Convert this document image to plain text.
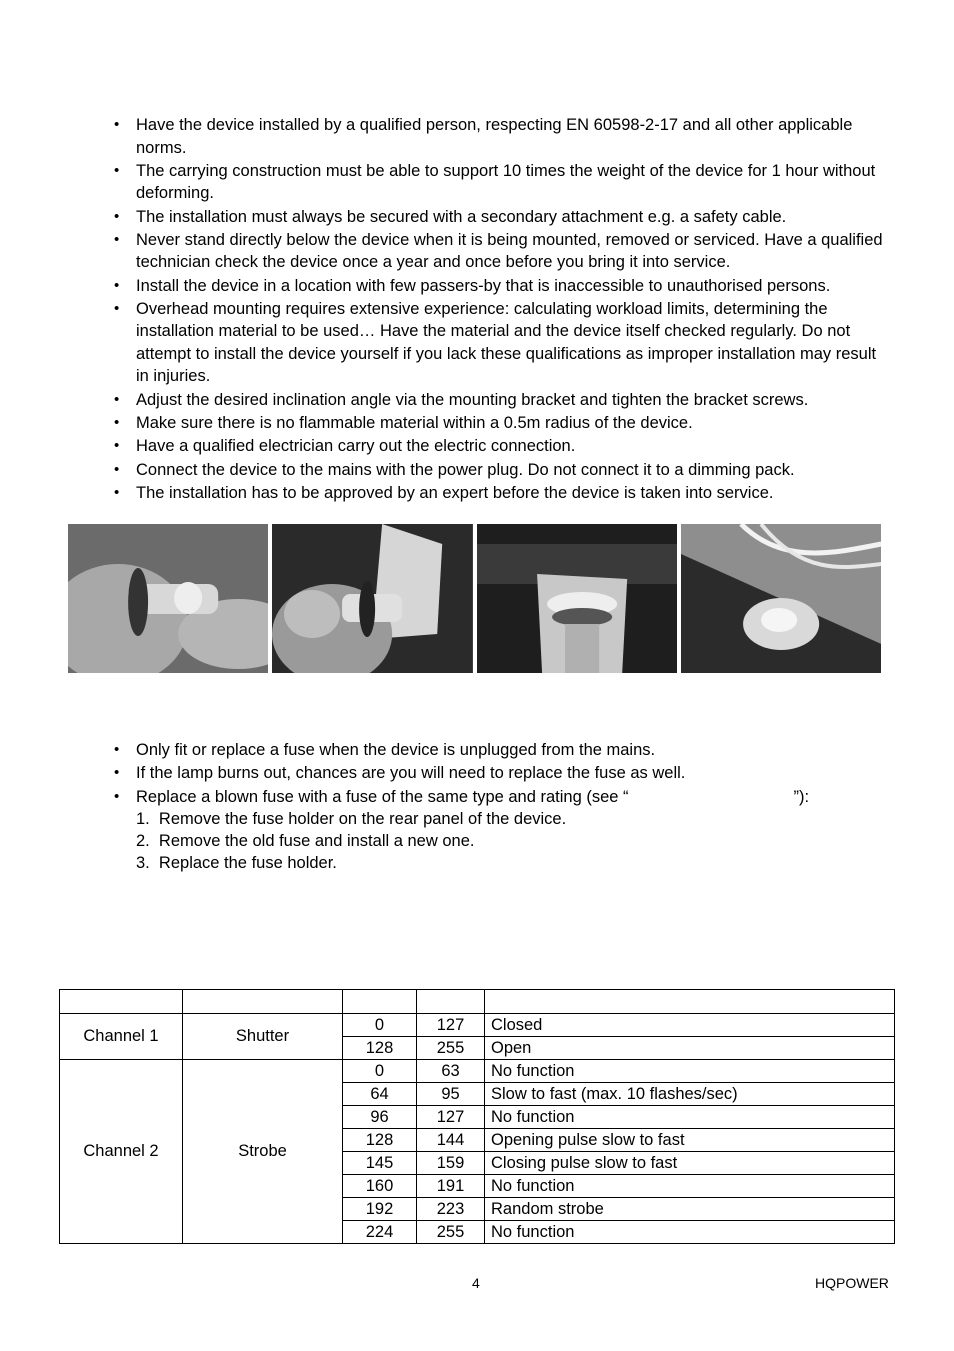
• Have the device installed by a qualified person, respecting EN 60598-2-17 and all other applicable norms.
• The carrying construction must be able to support 10 times the weight of the device for 1 hour without deforming.
• The installation must always be secured with a secondary attachment e.g. a safety cable.
• Never stand directly below the device when it is being mounted, removed or serviced. Have a qualified technician check the device once a year and once before you bring it into service.
• Install the device in a location with few passers-by that is inaccessible to unauthorised persons.
• Overhead mounting requires extensive experience: calculating workload limits, determining the installation material to be used… Have the material and the device itself checked regularly. Do not attempt to install the device yourself if you lack these qualifications as improper installation may result in injuries.
• Adjust the desired inclination angle via the mounting bracket and tighten the bracket screws.
• Make sure there is no flammable material within a 0.5m radius of the device.
• Have a qualified electrician carry out the electric connection.
• Connect the device to the mains with the power plug. Do not connect it to a dimming pack.
• The installation has to be approved by an expert before the device is taken into service.
• Only fit or replace a fuse when the device is unplugged from the mains.
• If the lamp burns out, chances are you will need to replace the fuse as well.
• Replace a blown fuse with a fuse of the same type and rating (see “                                    ”):
1.  Remove the fuse holder on the rear panel of the device.
2.  Remove the old fuse and install a new one.
3.  Replace the fuse holder.

Channel 1	Shutter	0	127	Closed
		128	255	Open
Channel 2	Strobe	0	63	No function
		64	95	Slow to fast (max. 10 flashes/sec)
		96	127	No function
		128	144	Opening pulse slow to fast
		145	159	Closing pulse slow to fast
		160	191	No function
		192	223	Random strobe
		224	255	No function
4	HQPOWER
